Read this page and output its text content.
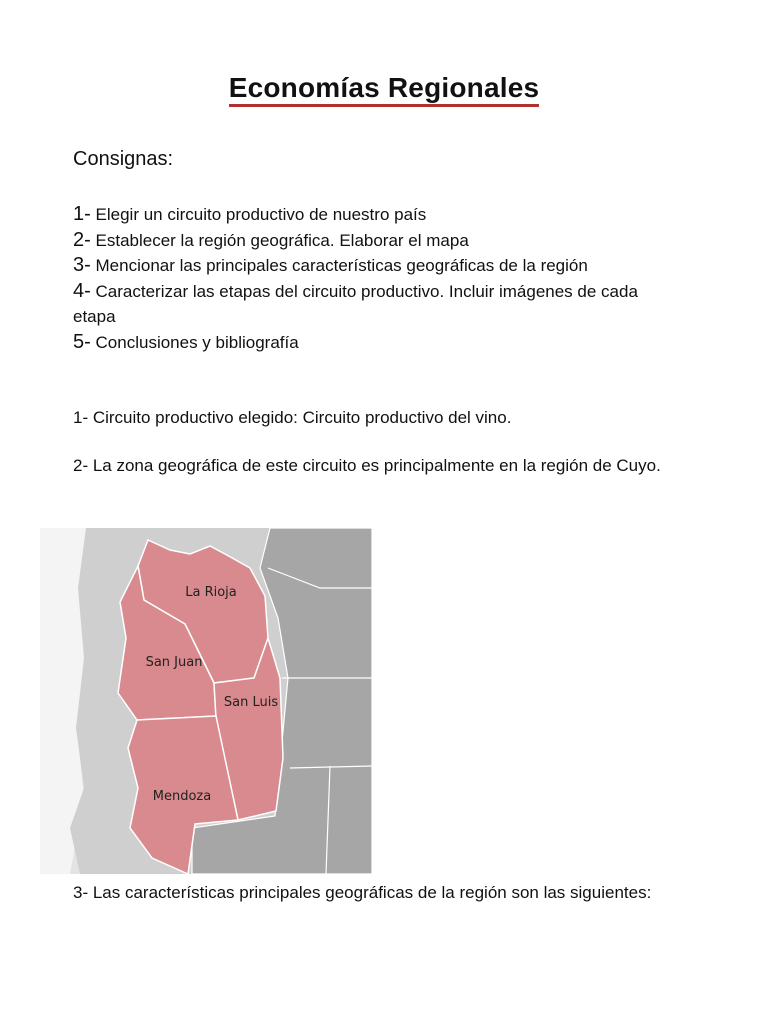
Economías Regionales
Consignas:

1- Elegir un circuito productivo de nuestro país

2- Establecer la región geográfica. Elaborar el mapa

3- Mencionar las principales características geográficas de la región

4- Caracterizar las etapas del circuito productivo. Incluir imágenes de cada etapa

5- Conclusiones y bibliografía

1- Circuito productivo elegido: Circuito productivo del vino.
2- La zona geográfica de este circuito es principalmente en la región de Cuyo.
La Rioja
San Juan
San Luis
Mendoza
3- Las características principales geográficas de la región son las siguientes:
